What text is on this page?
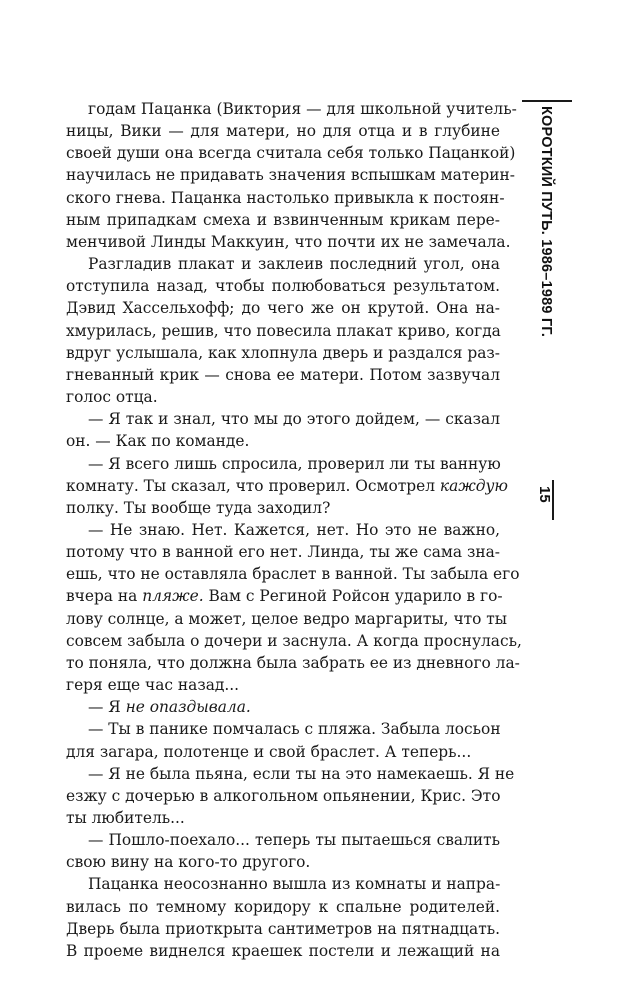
КОРОТКИЙ ПУТЬ. 1986–1989 ГГ.
15

годам Пацанка (Виктория — для школьной учитель-
ницы, Вики — для матери, но для отца и в глубине
своей души она всегда считала себя только Пацанкой)
научилась не придавать значения вспышкам материн-
ского гнева. Пацанка настолько привыкла к постоян-
ным припадкам смеха и взвинченным крикам пере-
менчивой Линды Маккуин, что почти их не замечала.

Разгладив плакат и заклеив последний угол, она
отступила назад, чтобы полюбоваться результатом.
Дэвид Хассельхофф; до чего же он крутой. Она на-
хмурилась, решив, что повесила плакат криво, когда
вдруг услышала, как хлопнула дверь и раздался раз-
гневанный крик — снова ее матери. Потом зазвучал
голос отца.

— Я так и знал, что мы до этого дойдем, — сказал
он. — Как по команде.

— Я всего лишь спросила, проверил ли ты ванную
комнату. Ты сказал, что проверил. Осмотрел каждую
полку. Ты вообще туда заходил?

— Не знаю. Нет. Кажется, нет. Но это не важно,
потому что в ванной его нет. Линда, ты же сама зна-
ешь, что не оставляла браслет в ванной. Ты забыла его
вчера на пляже. Вам с Региной Ройсон ударило в го-
лову солнце, а может, целое ведро маргариты, что ты
совсем забыла о дочери и заснула. А когда проснулась,
то поняла, что должна была забрать ее из дневного ла-
геря еще час назад...

— Я не опаздывала.

— Ты в панике помчалась с пляжа. Забыла лосьон
для загара, полотенце и свой браслет. А теперь...

— Я не была пьяна, если ты на это намекаешь. Я не
езжу с дочерью в алкогольном опьянении, Крис. Это
ты любитель...

— Пошло-поехало... теперь ты пытаешься свалить
свою вину на кого-то другого.

Пацанка неосознанно вышла из комнаты и напра-
вилась по темному коридору к спальне родителей.
Дверь была приоткрыта сантиметров на пятнадцать.
В проеме виднелся краешек постели и лежащий на
